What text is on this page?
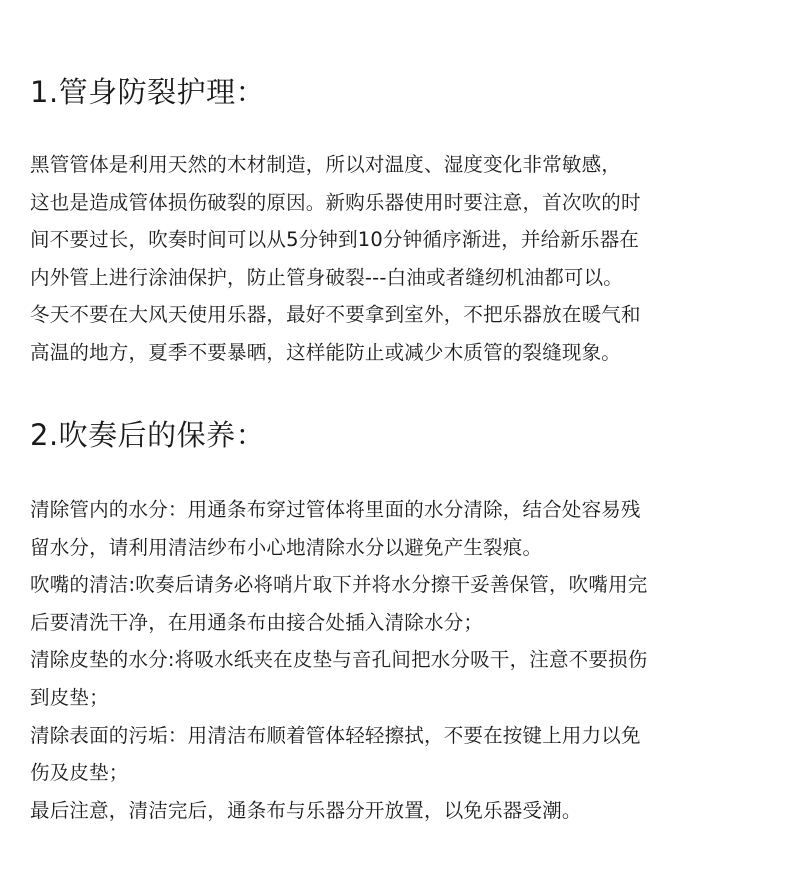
1.管身防裂护理：
黑管管体是利用天然的木材制造，所以对温度、湿度变化非常敏感，
这也是造成管体损伤破裂的原因。新购乐器使用时要注意，首次吹的时
间不要过长，吹奏时间可以从5分钟到10分钟循序渐进，并给新乐器在
内外管上进行涂油保护，防止管身破裂---白油或者缝纫机油都可以。
冬天不要在大风天使用乐器，最好不要拿到室外，不把乐器放在暖气和
高温的地方，夏季不要暴晒，这样能防止或减少木质管的裂缝现象。
2.吹奏后的保养：
清除管内的水分：用通条布穿过管体将里面的水分清除，结合处容易残
留水分，请利用清洁纱布小心地清除水分以避免产生裂痕。
吹嘴的清洁:吹奏后请务必将哨片取下并将水分擦干妥善保管，吹嘴用完
后要清洗干净，在用通条布由接合处插入清除水分；
清除皮垫的水分:将吸水纸夹在皮垫与音孔间把水分吸干，注意不要损伤
到皮垫；
清除表面的污垢：用清洁布顺着管体轻轻擦拭，不要在按键上用力以免
伤及皮垫；
最后注意，清洁完后，通条布与乐器分开放置，以免乐器受潮。
